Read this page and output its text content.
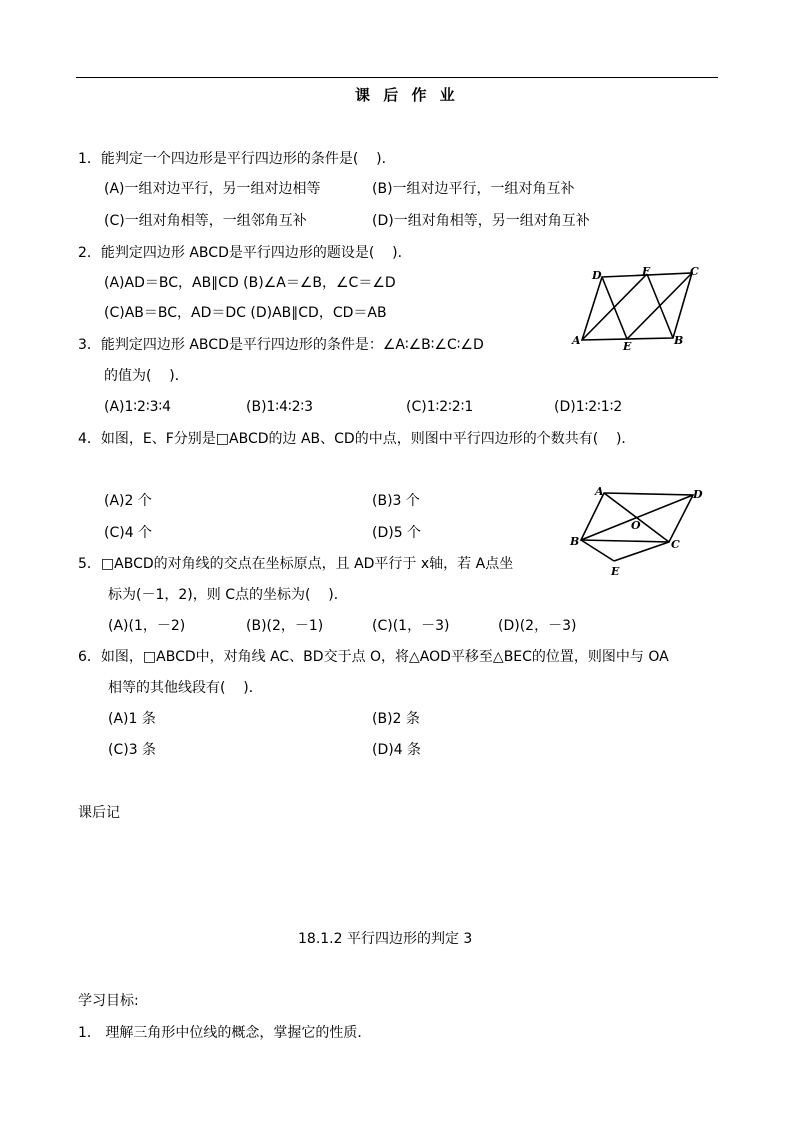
课 后 作 业
1．能判定一个四边形是平行四边形的条件是(    )．
(A)一组对边平行，另一组对边相等	(B)一组对边平行，一组对角互补
(C)一组对角相等，一组邻角互补	(D)一组对角相等，另一组对角互补
2．能判定四边形 ABCD是平行四边形的题设是(    )．
(A)AD＝BC，AB∥CD (B)∠A＝∠B，∠C＝∠D
(C)AB＝BC，AD＝DC (D)AB∥CD，CD＝AB
D	F	C
A	E	B
3．能判定四边形 ABCD是平行四边形的条件是：∠A∶∠B∶∠C∶∠D
的值为(    )．
(A)1∶2∶3∶4	(B)1∶4∶2∶3	(C)1∶2∶2∶1	(D)1∶2∶1∶2
4．如图，E、F分别是□ABCD的边 AB、CD的中点，则图中平行四边形的个数共有(    )．
(A)2 个	(B)3 个
(C)4 个	(D)5 个
A	D
O
B	C
E
5．□ABCD的对角线的交点在坐标原点，且 AD平行于 x轴，若 A点坐
标为(－1，2)，则 C点的坐标为(    )．
(A)(1，－2)	(B)(2，－1)	(C)(1，－3)	(D)(2，－3)
6．如图，□ABCD中，对角线 AC、BD交于点 O，将△AOD平移至△BEC的位置，则图中与 OA
相等的其他线段有(    )．
(A)1 条	(B)2 条
(C)3 条	(D)4 条
课后记
18.1.2 平行四边形的判定 3
学习目标:
1． 理解三角形中位线的概念，掌握它的性质．
